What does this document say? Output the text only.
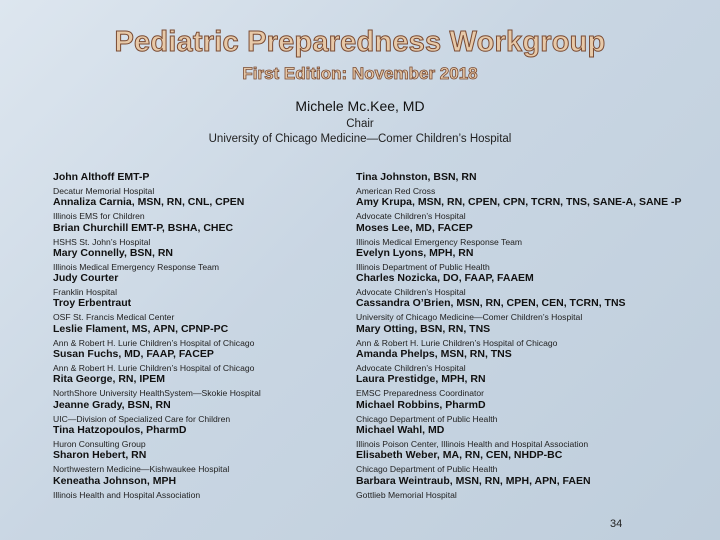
Pediatric Preparedness Workgroup
First Edition: November 2018
Michele Mc.Kee, MD
Chair
University of Chicago Medicine—Comer Children’s Hospital
John Althoff EMT-P
Decatur Memorial Hospital
Annaliza Carnia, MSN, RN, CNL, CPEN
Illinois EMS for Children
Brian Churchill EMT-P, BSHA, CHEC
HSHS St. John’s Hospital
Mary Connelly, BSN, RN
Illinois Medical Emergency Response Team
Judy Courter
Franklin Hospital
Troy Erbentraut
OSF St. Francis Medical Center
Leslie Flament, MS, APN, CPNP-PC
Ann & Robert H. Lurie Children’s Hospital of Chicago
Susan Fuchs, MD, FAAP, FACEP
Ann & Robert H. Lurie Children’s Hospital of Chicago
Rita George, RN, IPEM
NorthShore University HealthSystem—Skokie Hospital
Jeanne Grady, BSN, RN
UIC—Division of Specialized Care for Children
Tina Hatzopoulos, PharmD
Huron Consulting Group
Sharon Hebert, RN
Northwestern Medicine—Kishwaukee Hospital
Keneatha Johnson, MPH
Illinois Health and Hospital Association
Tina Johnston, BSN, RN
American Red Cross
Amy Krupa, MSN, RN, CPEN, CPN, TCRN, TNS, SANE-A, SANE -P
Advocate Children’s Hospital
Moses Lee, MD, FACEP
Illinois Medical Emergency Response Team
Evelyn Lyons, MPH, RN
Illinois Department of Public Health
Charles Nozicka, DO, FAAP, FAAEM
Advocate Children’s Hospital
Cassandra O’Brien, MSN, RN, CPEN, CEN, TCRN, TNS
University of Chicago Medicine—Comer Children’s Hospital
Mary Otting, BSN, RN, TNS
Ann & Robert H. Lurie Children’s Hospital of Chicago
Amanda Phelps, MSN, RN, TNS
Advocate Children’s Hospital
Laura Prestidge, MPH, RN
EMSC Preparedness Coordinator
Michael Robbins, PharmD
Chicago Department of Public Health
Michael Wahl, MD
Illinois Poison Center, Illinois Health and Hospital Association
Elisabeth Weber, MA, RN, CEN, NHDP-BC
Chicago Department of Public Health
Barbara Weintraub, MSN, RN, MPH, APN, FAEN
Gottlieb Memorial Hospital
34
